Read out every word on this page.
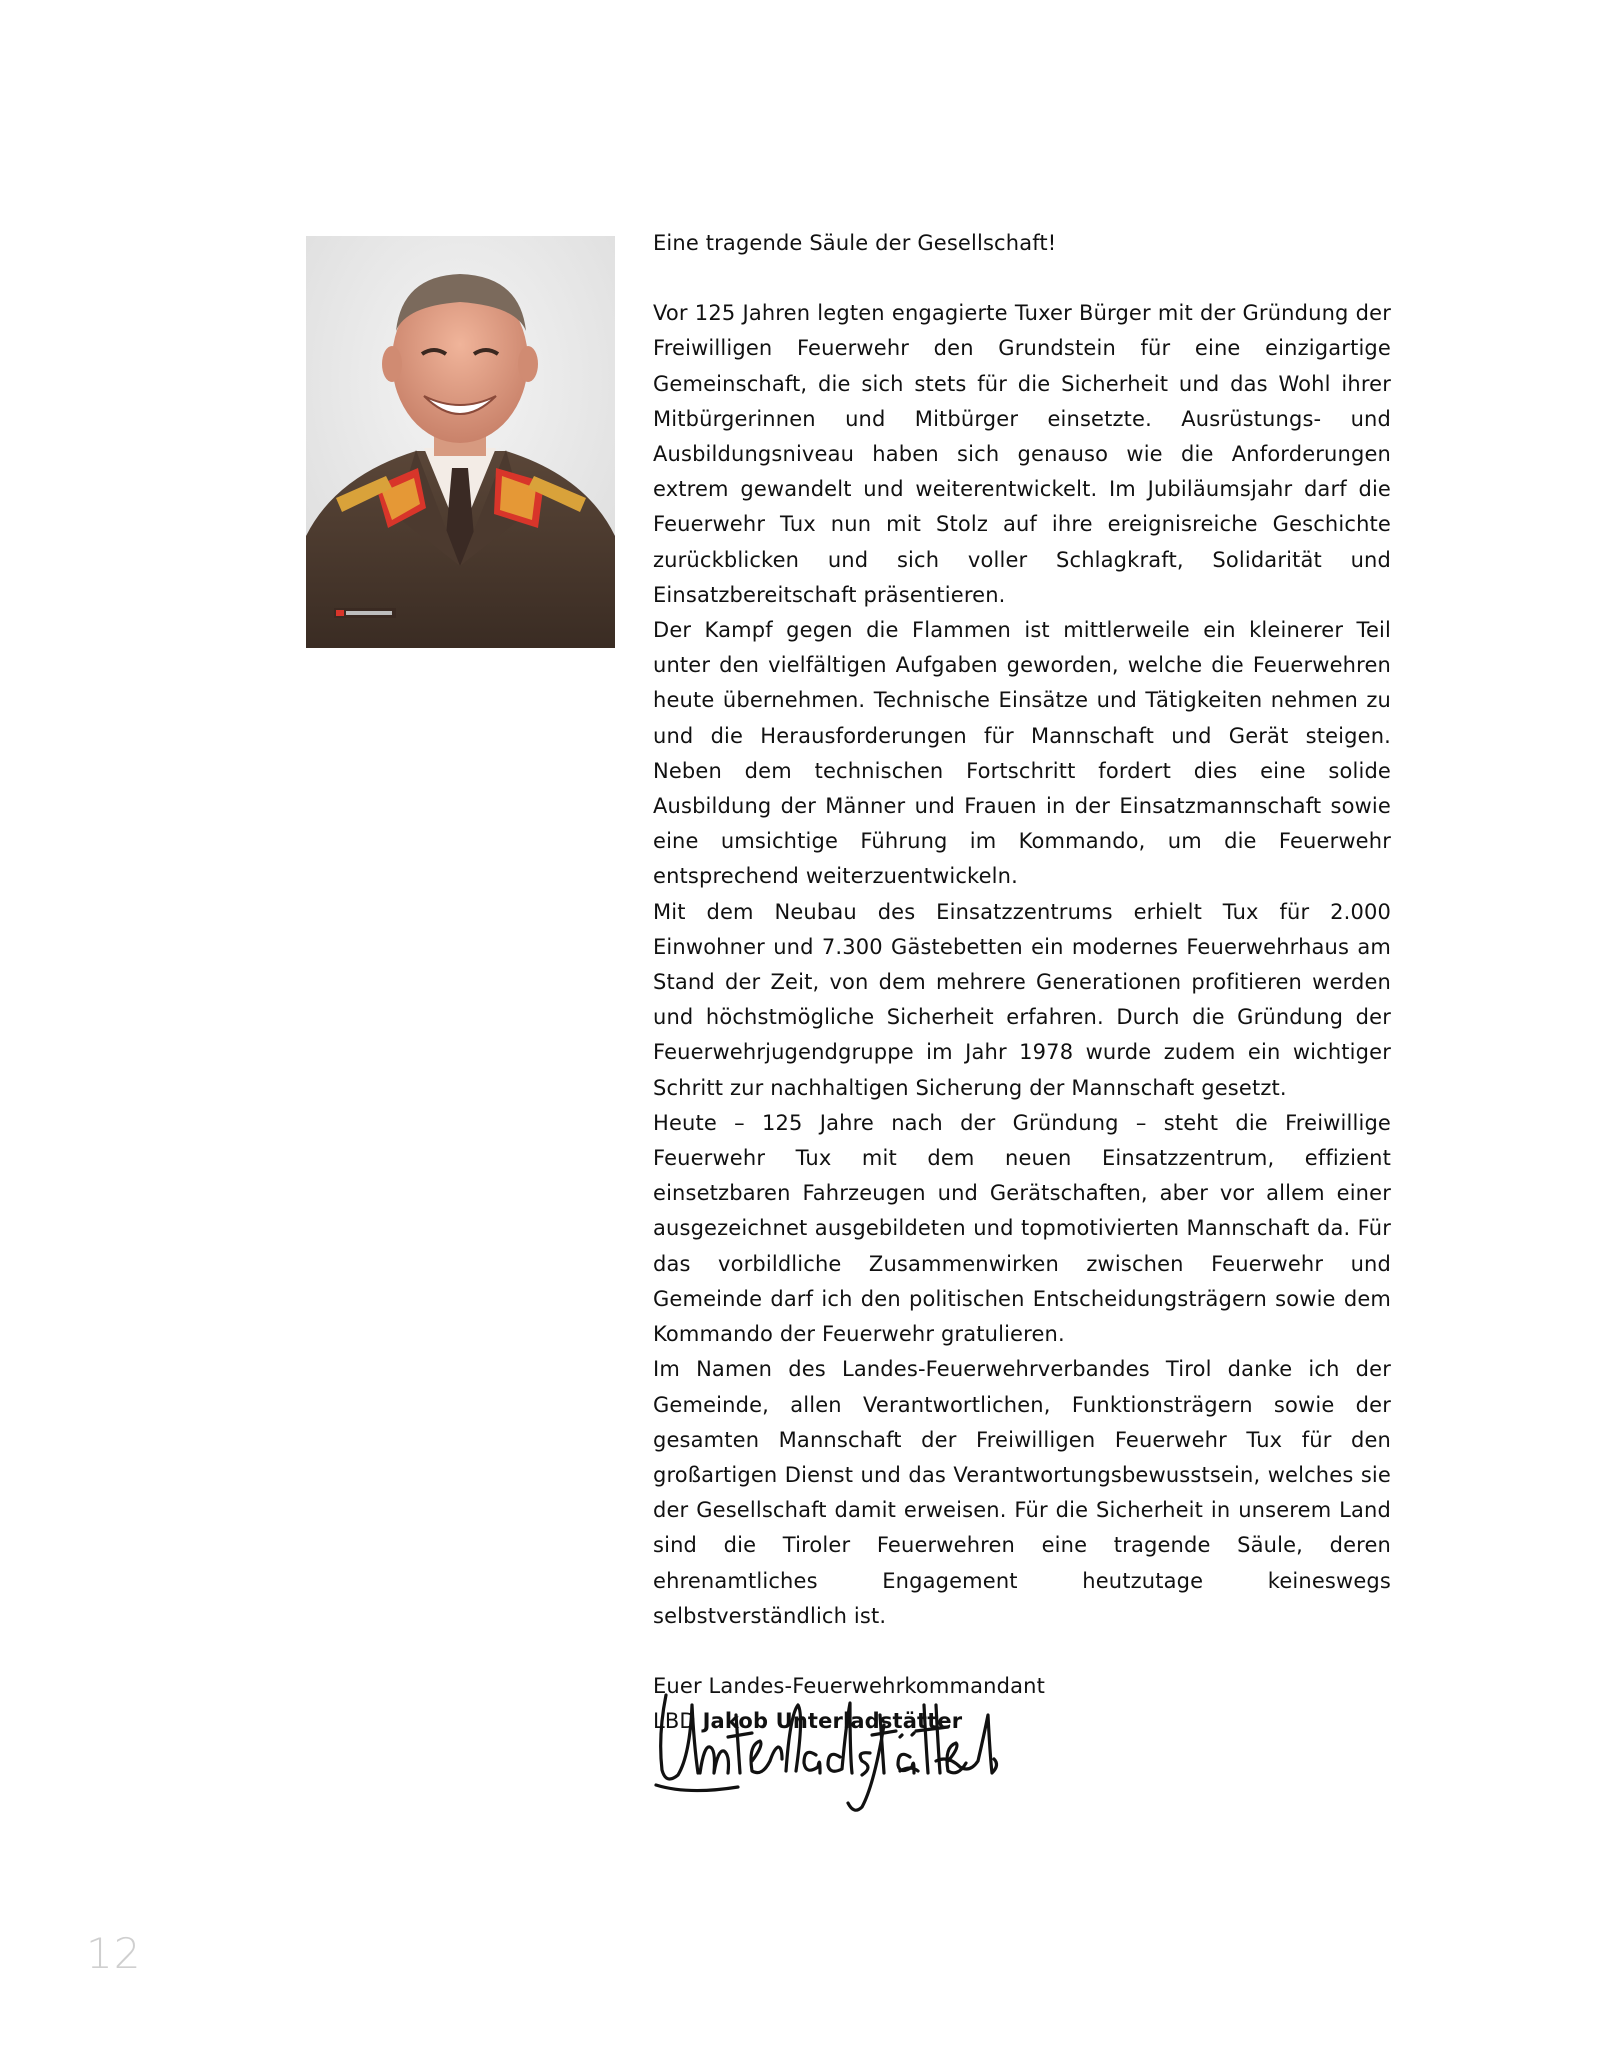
Eine tragende Säule der Gesellschaft!

Vor 125 Jahren legten engagierte Tuxer Bürger mit der Gründung der Freiwilligen Feuerwehr den Grundstein für eine einzigartige Gemeinschaft, die sich stets für die Sicherheit und das Wohl ihrer Mitbürgerinnen und Mitbürger einsetzte. Ausrüstungs- und Ausbildungsniveau haben sich genauso wie die Anforderungen extrem gewandelt und weiterentwickelt. Im Jubiläumsjahr darf die Feuerwehr Tux nun mit Stolz auf ihre ereignisreiche Geschichte zurückblicken und sich voller Schlagkraft, Solidarität und Einsatzbereitschaft präsentieren.

Der Kampf gegen die Flammen ist mittlerweile ein kleinerer Teil unter den vielfältigen Aufgaben geworden, welche die Feuerwehren heute übernehmen. Technische Einsätze und Tätigkeiten nehmen zu und die Herausforderungen für Mannschaft und Gerät steigen. Neben dem technischen Fortschritt fordert dies eine solide Ausbildung der Männer und Frauen in der Einsatzmannschaft sowie eine umsichtige Führung im Kommando, um die Feuerwehr entsprechend weiterzuentwickeln.

Mit dem Neubau des Einsatzzentrums erhielt Tux für 2.000 Einwohner und 7.300 Gästebetten ein modernes Feuerwehrhaus am Stand der Zeit, von dem mehrere Generationen profitieren werden und höchstmögliche Sicherheit erfahren. Durch die Gründung der Feuerwehrjugendgruppe im Jahr 1978 wurde zudem ein wichtiger Schritt zur nachhaltigen Sicherung der Mannschaft gesetzt.

Heute – 125 Jahre nach der Gründung – steht die Freiwillige Feuerwehr Tux mit dem neuen Einsatzzentrum, effizient einsetzbaren Fahrzeugen und Gerätschaften, aber vor allem einer ausgezeichnet ausgebildeten und topmotivierten Mannschaft da. Für das vorbildliche Zusammenwirken zwischen Feuerwehr und Gemeinde darf ich den politischen Entscheidungsträgern sowie dem Kommando der Feuerwehr gratulieren.

Im Namen des Landes-Feuerwehrverbandes Tirol danke ich der Gemeinde, allen Verantwortlichen, Funktionsträgern sowie der gesamten Mannschaft der Freiwilligen Feuerwehr Tux für den großartigen Dienst und das Verantwortungsbewusstsein, welches sie der Gesellschaft damit erweisen. Für die Sicherheit in unserem Land sind die Tiroler Feuerwehren eine tragende Säule, deren ehrenamtliches Engagement heutzutage keineswegs selbstverständlich ist.

Euer Landes-Feuerwehrkommandant
LBD Jakob Unterladstätter
12
